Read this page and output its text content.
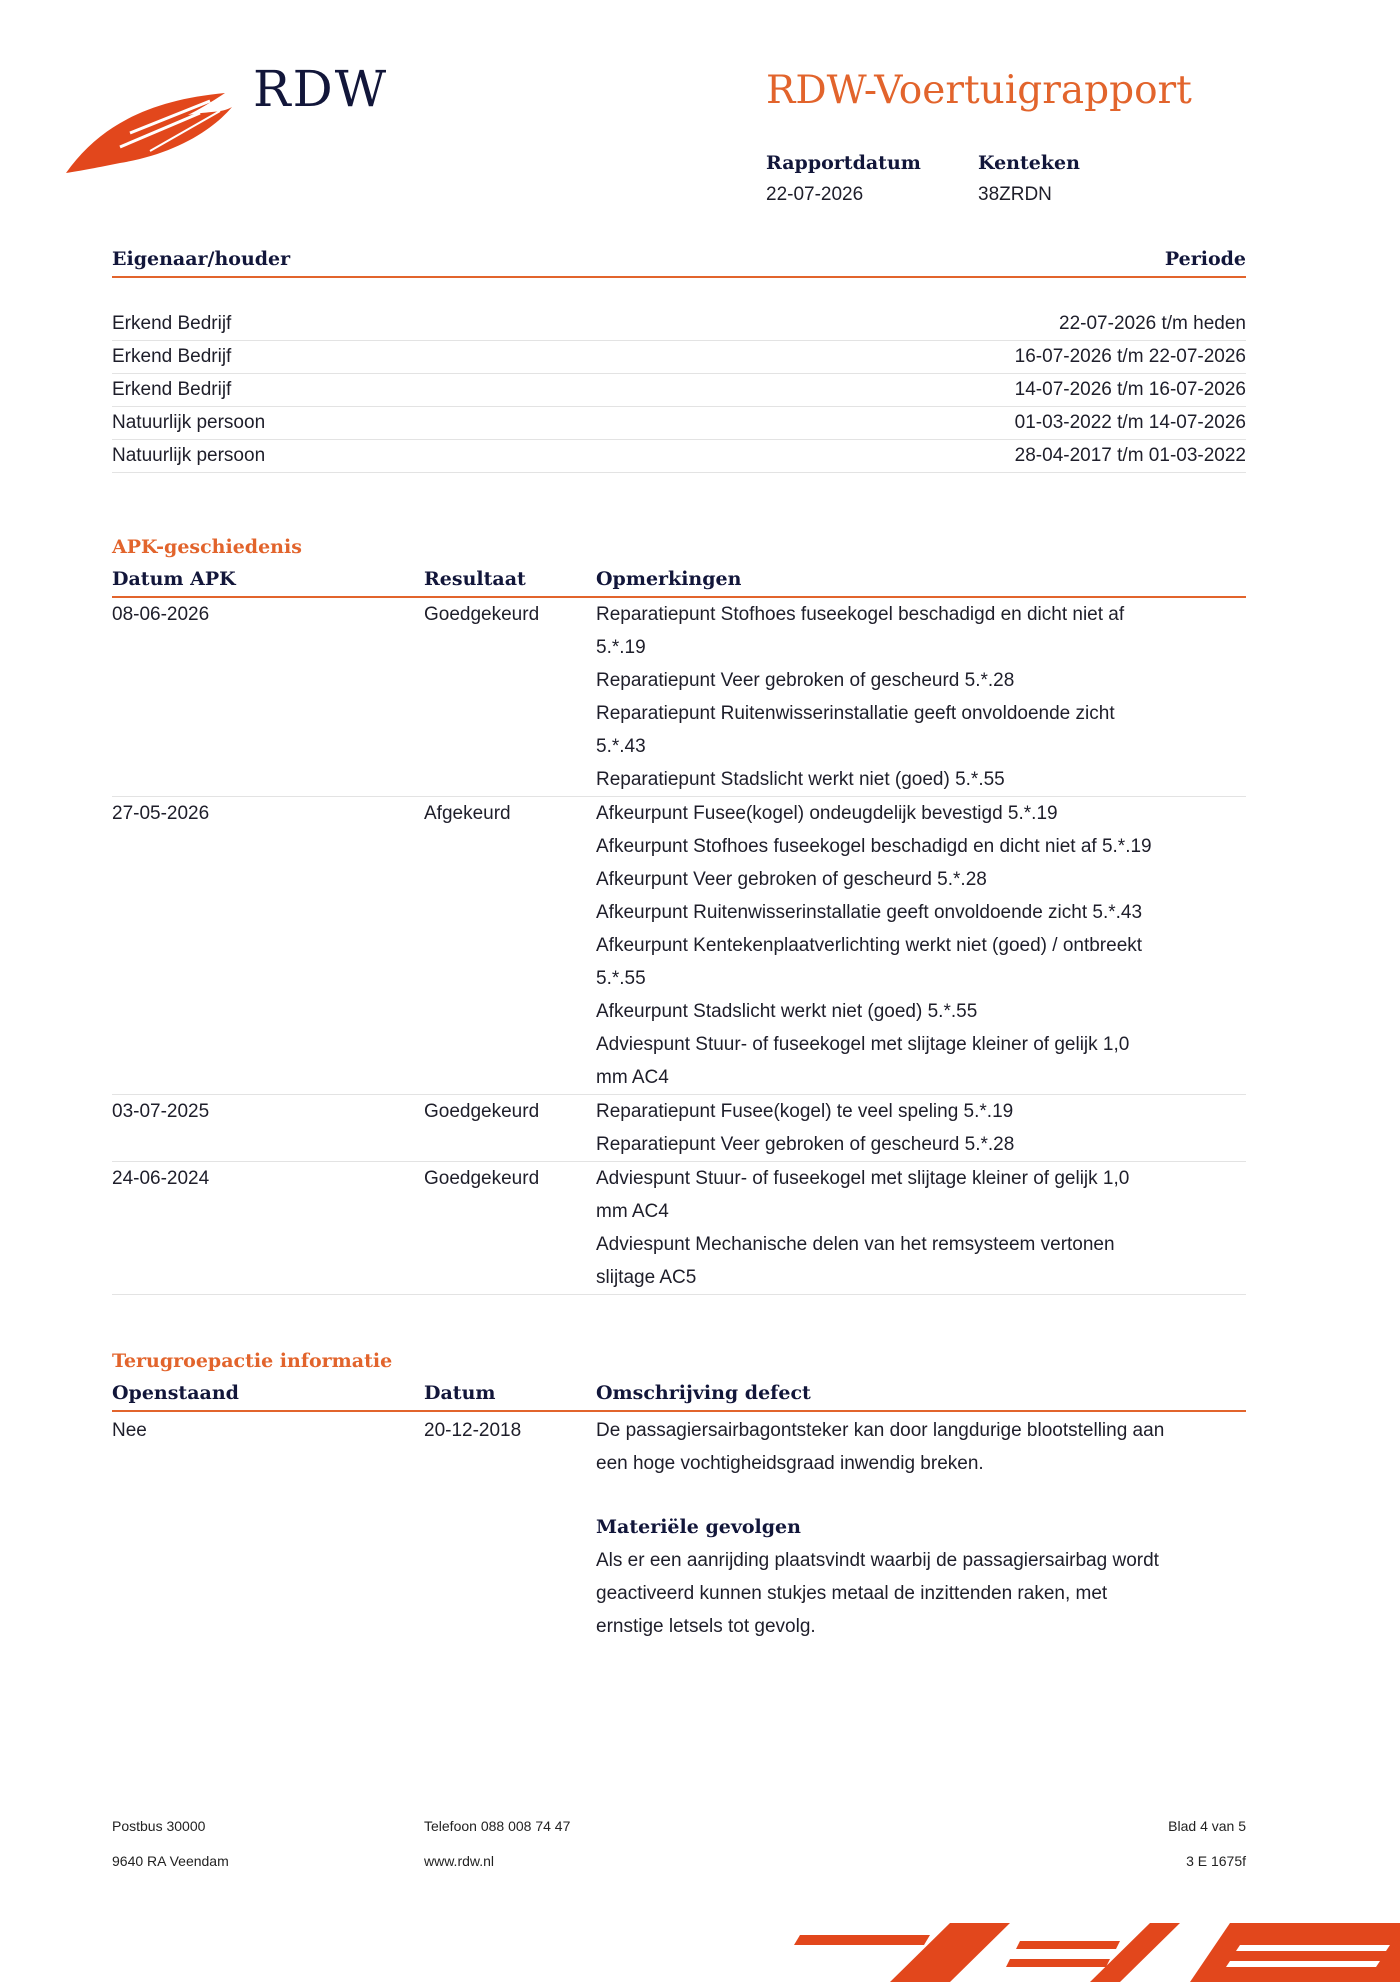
RDW	RDW-Voertuigrapport
Rapportdatum
22-07-2026
Kenteken
38ZRDN
Eigenaar/houder	Periode
Erkend Bedrijf	22-07-2026 t/m heden
Erkend Bedrijf	16-07-2026 t/m 22-07-2026
Erkend Bedrijf	14-07-2026 t/m 16-07-2026
Natuurlijk persoon	01-03-2022 t/m 14-07-2026
Natuurlijk persoon	28-04-2017 t/m 01-03-2022
APK-geschiedenis
Datum APK	Resultaat	Opmerkingen
08-06-2026	Goedgekeurd	Reparatiepunt Stofhoes fuseekogel beschadigd en dicht niet af
5.*.19
Reparatiepunt Veer gebroken of gescheurd 5.*.28
Reparatiepunt Ruitenwisserinstallatie geeft onvoldoende zicht
5.*.43
Reparatiepunt Stadslicht werkt niet (goed) 5.*.55
27-05-2026	Afgekeurd	Afkeurpunt Fusee(kogel) ondeugdelijk bevestigd 5.*.19
Afkeurpunt Stofhoes fuseekogel beschadigd en dicht niet af 5.*.19
Afkeurpunt Veer gebroken of gescheurd 5.*.28
Afkeurpunt Ruitenwisserinstallatie geeft onvoldoende zicht 5.*.43
Afkeurpunt Kentekenplaatverlichting werkt niet (goed) / ontbreekt
5.*.55
Afkeurpunt Stadslicht werkt niet (goed) 5.*.55
Adviespunt Stuur- of fuseekogel met slijtage kleiner of gelijk 1,0
mm AC4
03-07-2025	Goedgekeurd	Reparatiepunt Fusee(kogel) te veel speling 5.*.19
Reparatiepunt Veer gebroken of gescheurd 5.*.28
24-06-2024	Goedgekeurd	Adviespunt Stuur- of fuseekogel met slijtage kleiner of gelijk 1,0
mm AC4
Adviespunt Mechanische delen van het remsysteem vertonen
slijtage AC5
Terugroepactie informatie
Openstaand	Datum	Omschrijving defect
Nee	20-12-2018	De passagiersairbagontsteker kan door langdurige blootstelling aan
een hoge vochtigheidsgraad inwendig breken.
Materiële gevolgen
Als er een aanrijding plaatsvindt waarbij de passagiersairbag wordt
geactiveerd kunnen stukjes metaal de inzittenden raken, met
ernstige letsels tot gevolg.
Postbus 30000
9640 RA Veendam
Telefoon 088 008 74 47
www.rdw.nl
Blad 4 van 5
3 E 1675f
